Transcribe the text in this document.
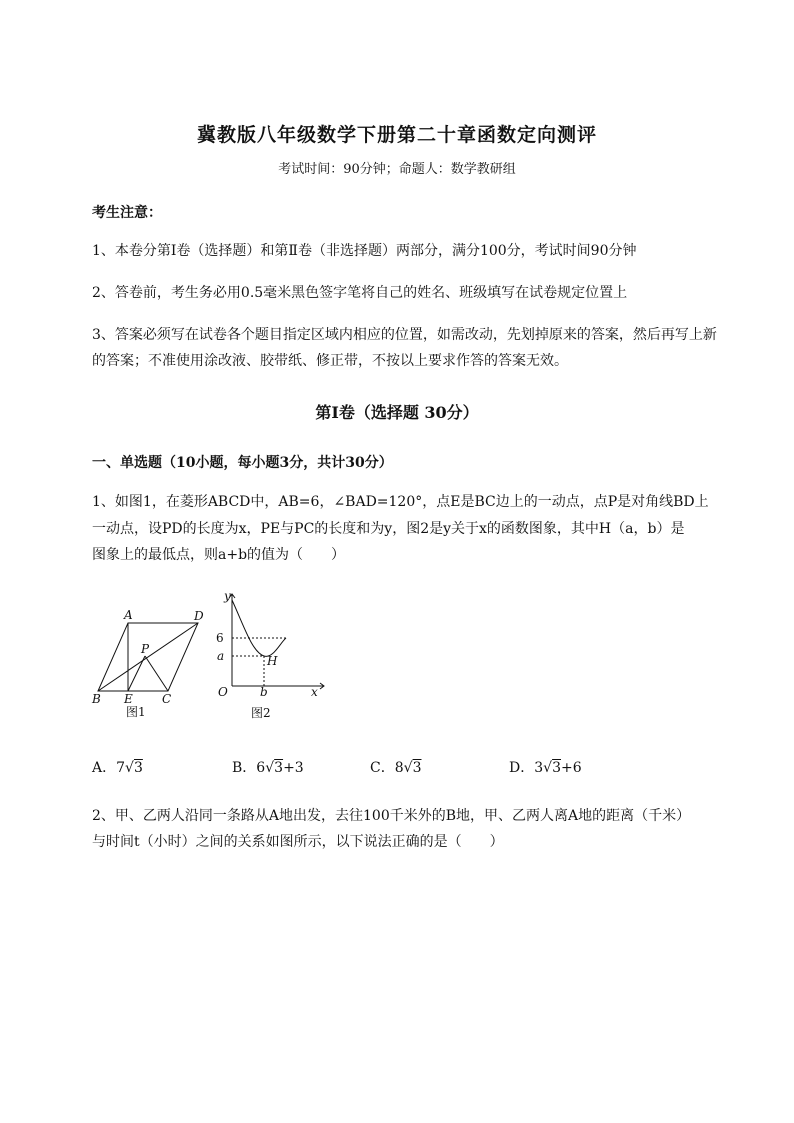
冀教版八年级数学下册第二十章函数定向测评
考试时间：90分钟；命题人：数学教研组
考生注意：
1、本卷分第I卷（选择题）和第Ⅱ卷（非选择题）两部分，满分100分，考试时间90分钟
2、答卷前，考生务必用0.5毫米黑色签字笔将自己的姓名、班级填写在试卷规定位置上
3、答案必须写在试卷各个题目指定区域内相应的位置，如需改动，先划掉原来的答案，然后再写上新
的答案；不准使用涂改液、胶带纸、修正带，不按以上要求作答的答案无效。
第I卷（选择题 30分）
一、单选题（10小题，每小题3分，共计30分）
1、如图1，在菱形ABCD中，AB=6，∠BAD=120°，点E是BC边上的一动点，点P是对角线BD上
一动点，设PD的长度为x，PE与PC的长度和为y，图2是y关于x的函数图象，其中H（a，b）是
图象上的最低点，则a+b的值为（　　）
A	D
P
B E C
图1
y
x
O
6
a
b
H
图2
A．7√3	B．6√3+3	C．8√3	D．3√3+6
2、甲、乙两人沿同一条路从A地出发，去往100千米外的B地，甲、乙两人离A地的距离（千米）
与时间t（小时）之间的关系如图所示，以下说法正确的是（　　）
